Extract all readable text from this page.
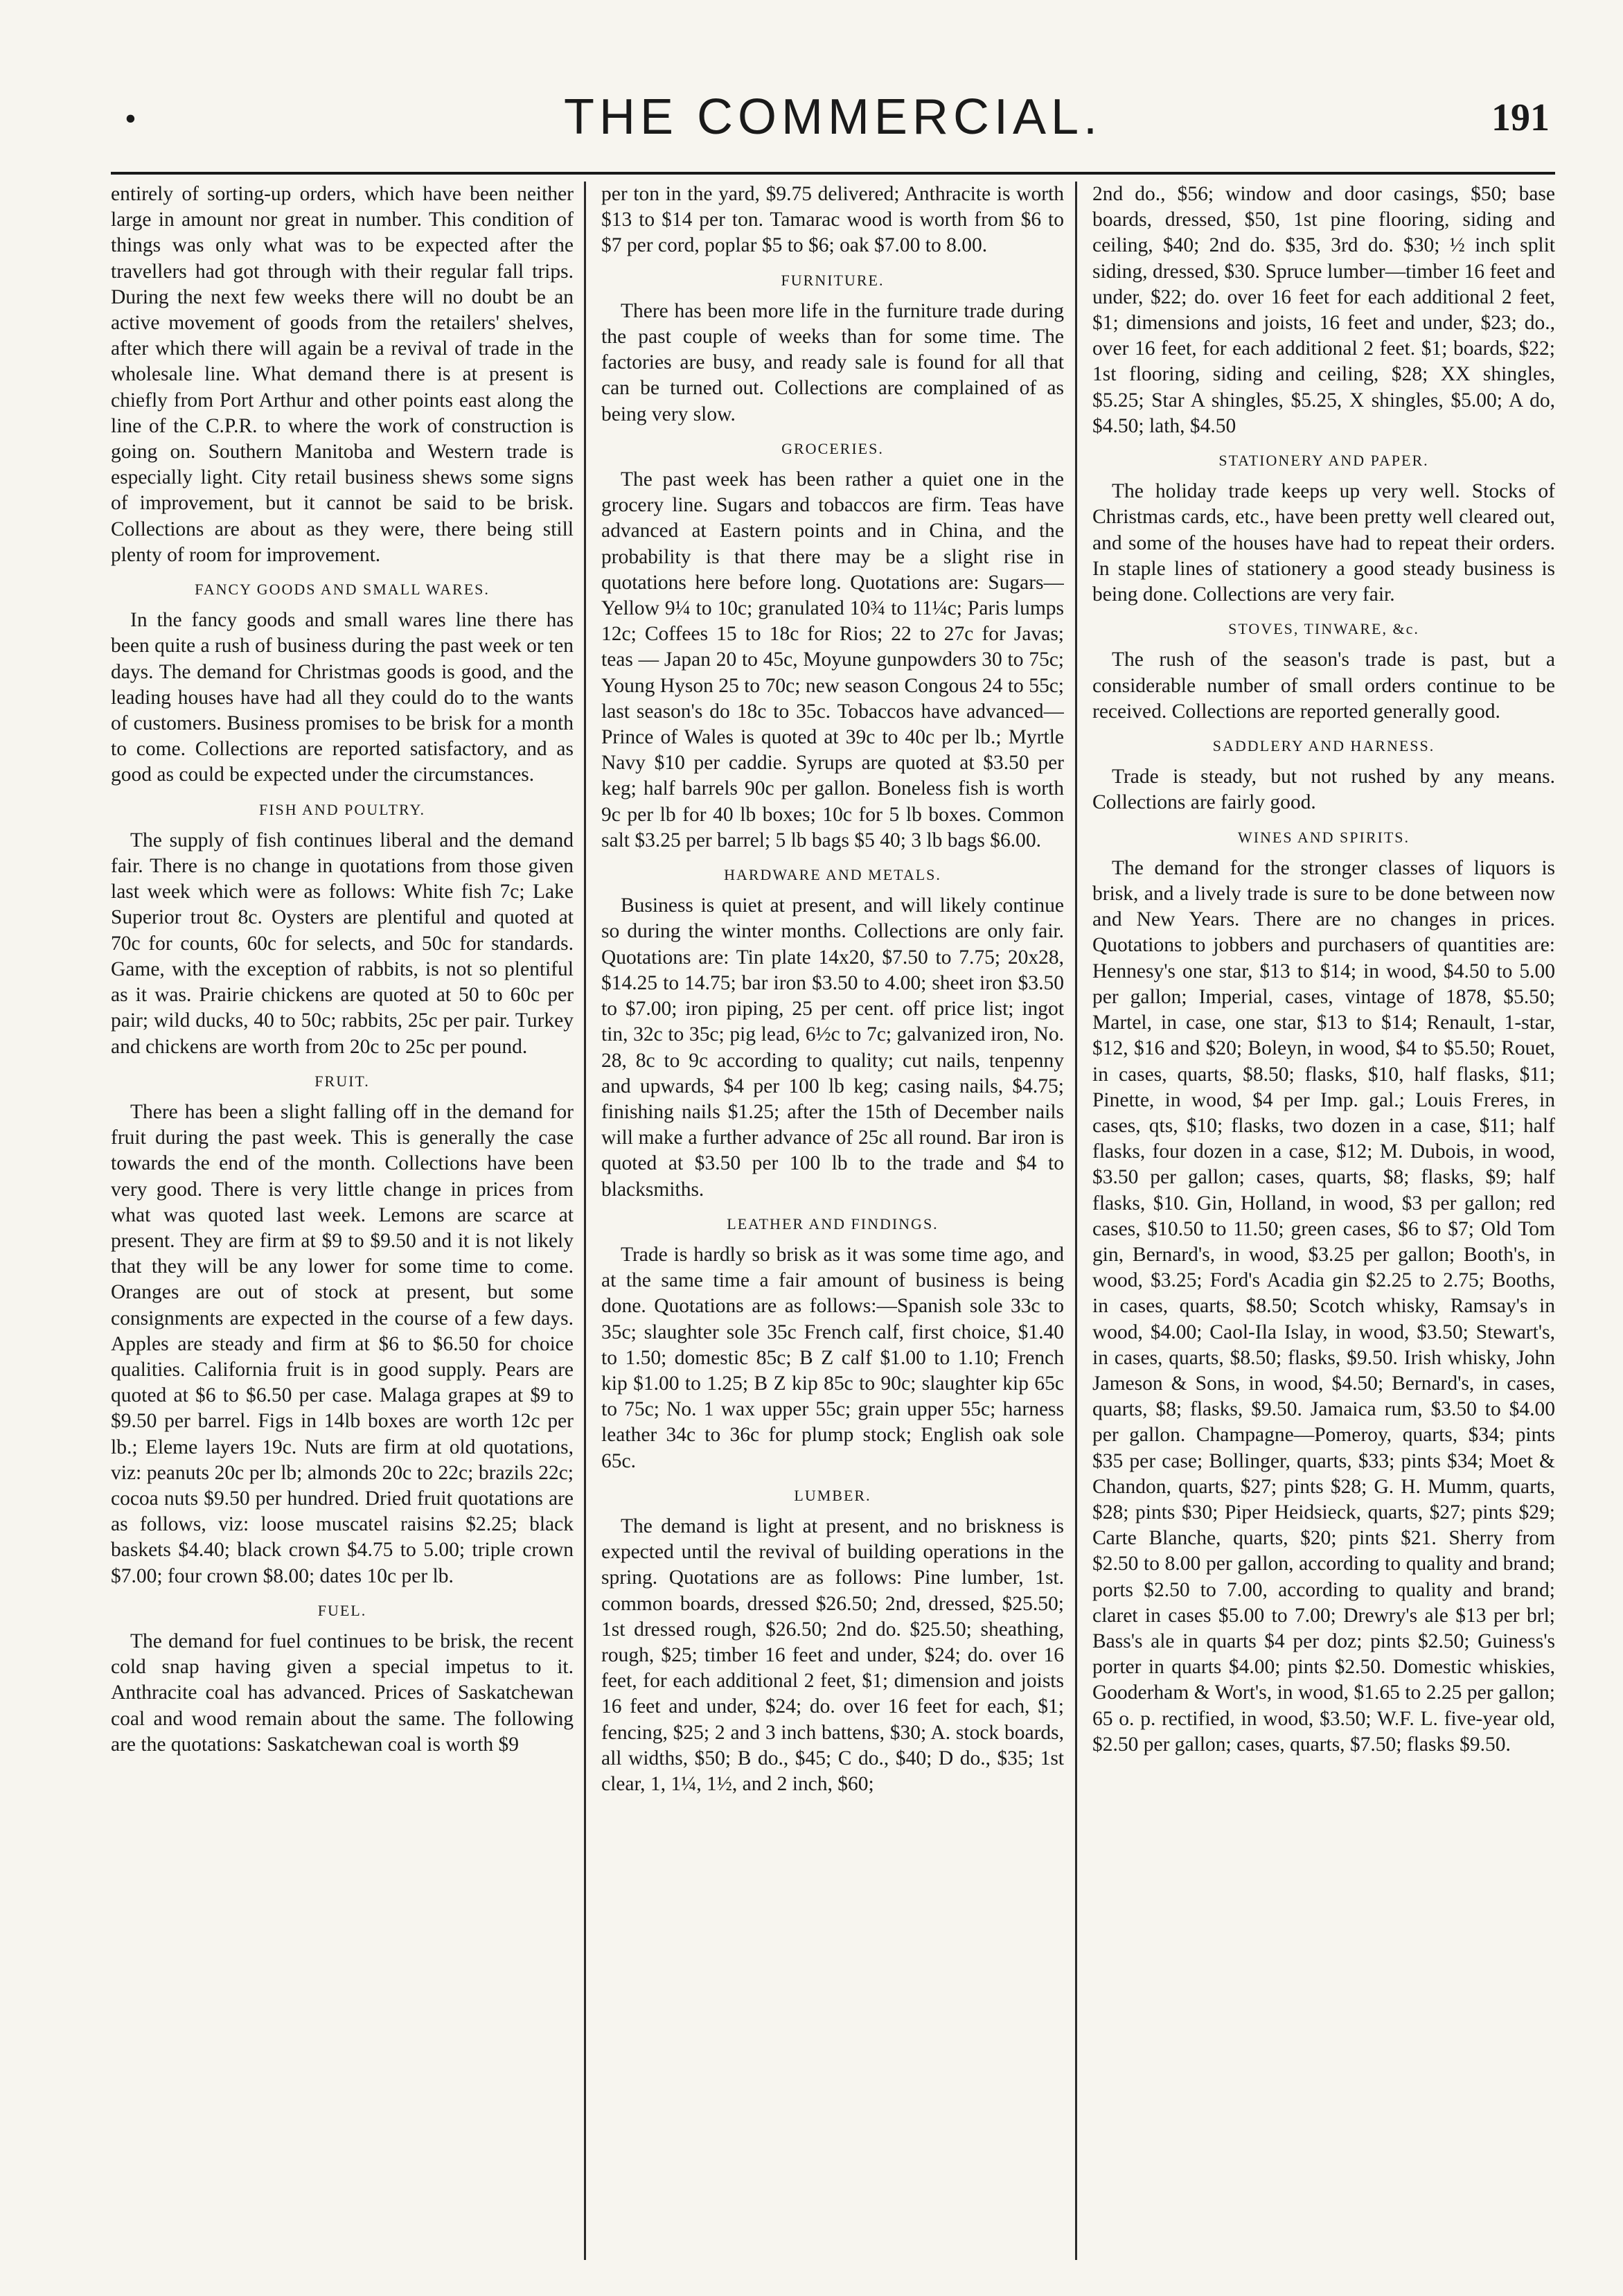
•	THE COMMERCIAL.	191

entirely of sorting-up orders, which have been neither large in amount nor great in number. This condition of things was only what was to be expected after the travellers had got through with their regular fall trips. During the next few weeks there will no doubt be an active movement of goods from the retailers' shelves, after which there will again be a revival of trade in the wholesale line. What demand there is at present is chiefly from Port Arthur and other points east along the line of the C.P.R. to where the work of construction is going on. Southern Manitoba and Western trade is especially light. City retail business shews some signs of improvement, but it cannot be said to be brisk. Collections are about as they were, there being still plenty of room for improvement.

FANCY GOODS AND SMALL WARES.

In the fancy goods and small wares line there has been quite a rush of business during the past week or ten days. The demand for Christmas goods is good, and the leading houses have had all they could do to the wants of customers. Business promises to be brisk for a month to come. Collections are reported satisfactory, and as good as could be expected under the circumstances.

FISH AND POULTRY.

The supply of fish continues liberal and the demand fair. There is no change in quotations from those given last week which were as follows: White fish 7c; Lake Superior trout 8c. Oysters are plentiful and quoted at 70c for counts, 60c for selects, and 50c for standards. Game, with the exception of rabbits, is not so plentiful as it was. Prairie chickens are quoted at 50 to 60c per pair; wild ducks, 40 to 50c; rabbits, 25c per pair. Turkey and chickens are worth from 20c to 25c per pound.

FRUIT.

There has been a slight falling off in the demand for fruit during the past week. This is generally the case towards the end of the month. Collections have been very good. There is very little change in prices from what was quoted last week. Lemons are scarce at present. They are firm at $9 to $9.50 and it is not likely that they will be any lower for some time to come. Oranges are out of stock at present, but some consignments are expected in the course of a few days. Apples are steady and firm at $6 to $6.50 for choice qualities. California fruit is in good supply. Pears are quoted at $6 to $6.50 per case. Malaga grapes at $9 to $9.50 per barrel. Figs in 14lb boxes are worth 12c per lb.; Eleme layers 19c. Nuts are firm at old quotations, viz: peanuts 20c per lb; almonds 20c to 22c; brazils 22c; cocoa nuts $9.50 per hundred. Dried fruit quotations are as follows, viz: loose muscatel raisins $2.25; black baskets $4.40; black crown $4.75 to 5.00; triple crown $7.00; four crown $8.00; dates 10c per lb.

FUEL.

The demand for fuel continues to be brisk, the recent cold snap having given a special impetus to it. Anthracite coal has advanced. Prices of Saskatchewan coal and wood remain about the same. The following are the quotations: Saskatchewan coal is worth $9

per ton in the yard, $9.75 delivered; Anthracite is worth $13 to $14 per ton. Tamarac wood is worth from $6 to $7 per cord, poplar $5 to $6; oak $7.00 to 8.00.

FURNITURE.

There has been more life in the furniture trade during the past couple of weeks than for some time. The factories are busy, and ready sale is found for all that can be turned out. Collections are complained of as being very slow.

GROCERIES.

The past week has been rather a quiet one in the grocery line. Sugars and tobaccos are firm. Teas have advanced at Eastern points and in China, and the probability is that there may be a slight rise in quotations here before long. Quotations are: Sugars—Yellow 9¼ to 10c; granulated 10¾ to 11¼c; Paris lumps 12c; Coffees 15 to 18c for Rios; 22 to 27c for Javas; teas — Japan 20 to 45c, Moyune gunpowders 30 to 75c; Young Hyson 25 to 70c; new season Congous 24 to 55c; last season's do 18c to 35c. Tobaccos have advanced—Prince of Wales is quoted at 39c to 40c per lb.; Myrtle Navy $10 per caddie. Syrups are quoted at $3.50 per keg; half barrels 90c per gallon. Boneless fish is worth 9c per lb for 40 lb boxes; 10c for 5 lb boxes. Common salt $3.25 per barrel; 5 lb bags $5 40; 3 lb bags $6.00.

HARDWARE AND METALS.

Business is quiet at present, and will likely continue so during the winter months. Collections are only fair. Quotations are: Tin plate 14x20, $7.50 to 7.75; 20x28, $14.25 to 14.75; bar iron $3.50 to 4.00; sheet iron $3.50 to $7.00; iron piping, 25 per cent. off price list; ingot tin, 32c to 35c; pig lead, 6½c to 7c; galvanized iron, No. 28, 8c to 9c according to quality; cut nails, tenpenny and upwards, $4 per 100 lb keg; casing nails, $4.75; finishing nails $1.25; after the 15th of December nails will make a further advance of 25c all round. Bar iron is quoted at $3.50 per 100 lb to the trade and $4 to blacksmiths.

LEATHER AND FINDINGS.

Trade is hardly so brisk as it was some time ago, and at the same time a fair amount of business is being done. Quotations are as follows:—Spanish sole 33c to 35c; slaughter sole 35c French calf, first choice, $1.40 to 1.50; domestic 85c; B Z calf $1.00 to 1.10; French kip $1.00 to 1.25; B Z kip 85c to 90c; slaughter kip 65c to 75c; No. 1 wax upper 55c; grain upper 55c; harness leather 34c to 36c for plump stock; English oak sole 65c.

LUMBER.

The demand is light at present, and no briskness is expected until the revival of building operations in the spring. Quotations are as follows: Pine lumber, 1st. common boards, dressed $26.50; 2nd, dressed, $25.50; 1st dressed rough, $26.50; 2nd do. $25.50; sheathing, rough, $25; timber 16 feet and under, $24; do. over 16 feet, for each additional 2 feet, $1; dimension and joists 16 feet and under, $24; do. over 16 feet for each, $1; fencing, $25; 2 and 3 inch battens, $30; A. stock boards, all widths, $50; B do., $45; C do., $40; D do., $35; 1st clear, 1, 1¼, 1½, and 2 inch, $60;

2nd do., $56; window and door casings, $50; base boards, dressed, $50, 1st pine flooring, siding and ceiling, $40; 2nd do. $35, 3rd do. $30; ½ inch split siding, dressed, $30. Spruce lumber—timber 16 feet and under, $22; do. over 16 feet for each additional 2 feet, $1; dimensions and joists, 16 feet and under, $23; do., over 16 feet, for each additional 2 feet. $1; boards, $22; 1st flooring, siding and ceiling, $28; XX shingles, $5.25; Star A shingles, $5.25, X shingles, $5.00; A do, $4.50; lath, $4.50

STATIONERY AND PAPER.

The holiday trade keeps up very well. Stocks of Christmas cards, etc., have been pretty well cleared out, and some of the houses have had to repeat their orders. In staple lines of stationery a good steady business is being done. Collections are very fair.

STOVES, TINWARE, &c.

The rush of the season's trade is past, but a considerable number of small orders continue to be received. Collections are reported generally good.

SADDLERY AND HARNESS.

Trade is steady, but not rushed by any means. Collections are fairly good.

WINES AND SPIRITS.

The demand for the stronger classes of liquors is brisk, and a lively trade is sure to be done between now and New Years. There are no changes in prices. Quotations to jobbers and purchasers of quantities are: Hennesy's one star, $13 to $14; in wood, $4.50 to 5.00 per gallon; Imperial, cases, vintage of 1878, $5.50; Martel, in case, one star, $13 to $14; Renault, 1-star, $12, $16 and $20; Boleyn, in wood, $4 to $5.50; Rouet, in cases, quarts, $8.50; flasks, $10, half flasks, $11; Pinette, in wood, $4 per Imp. gal.; Louis Freres, in cases, qts, $10; flasks, two dozen in a case, $11; half flasks, four dozen in a case, $12; M. Dubois, in wood, $3.50 per gallon; cases, quarts, $8; flasks, $9; half flasks, $10. Gin, Holland, in wood, $3 per gallon; red cases, $10.50 to 11.50; green cases, $6 to $7; Old Tom gin, Bernard's, in wood, $3.25 per gallon; Booth's, in wood, $3.25; Ford's Acadia gin $2.25 to 2.75; Booths, in cases, quarts, $8.50; Scotch whisky, Ramsay's in wood, $4.00; Caol-Ila Islay, in wood, $3.50; Stewart's, in cases, quarts, $8.50; flasks, $9.50. Irish whisky, John Jameson & Sons, in wood, $4.50; Bernard's, in cases, quarts, $8; flasks, $9.50. Jamaica rum, $3.50 to $4.00 per gallon. Champagne—Pomeroy, quarts, $34; pints $35 per case; Bollinger, quarts, $33; pints $34; Moet & Chandon, quarts, $27; pints $28; G. H. Mumm, quarts, $28; pints $30; Piper Heidsieck, quarts, $27; pints $29; Carte Blanche, quarts, $20; pints $21. Sherry from $2.50 to 8.00 per gallon, according to quality and brand; ports $2.50 to 7.00, according to quality and brand; claret in cases $5.00 to 7.00; Drewry's ale $13 per brl; Bass's ale in quarts $4 per doz; pints $2.50; Guiness's porter in quarts $4.00; pints $2.50. Domestic whiskies, Gooderham & Wort's, in wood, $1.65 to 2.25 per gallon; 65 o. p. rectified, in wood, $3.50; W.F. L. five-year old, $2.50 per gallon; cases, quarts, $7.50; flasks $9.50.
